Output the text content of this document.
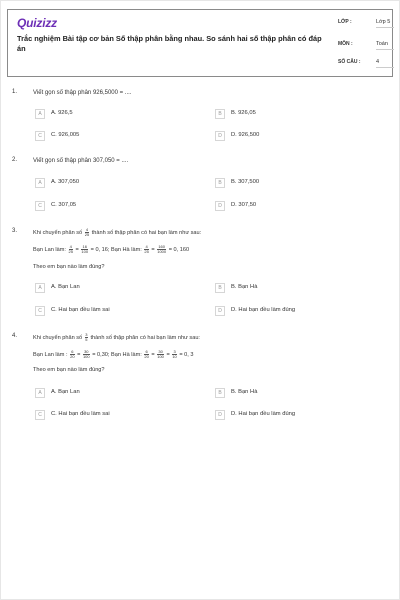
Quizizz
Trắc nghiệm Bài tập cơ bản Số thập phân bằng nhau. So sánh hai số thập phân có đáp án
LỚP :	Lớp 5
MÔN :	Toán
SỐ CÂU :	4
1.	Viết gọn số thập phân 926,5000 = ....
A	A. 926,5	B	B. 926,05
C	C. 926,005	D	D. 926,500
2.	Viết gọn số thập phân 307,050 = ....
A	A. 307,050	B	B. 307,500
C	C. 307,05	D	D. 307,50
3.	Khi chuyển phân số $\frac{4}{25}$ thành số thập phân có hai bạn làm như sau:
Bạn Lan làm: $\frac{4}{25} = \frac{16}{100} = 0$, 16; Bạn Hà làm: $\frac{4}{25} = \frac{160}{1000} = 0$, 160
Theo em bạn nào làm đúng?
A	A. Bạn Lan	B	B. Bạn Hà
C	C. Hai bạn đều làm sai	D	D. Hai bạn đều làm đúng
4.	Khi chuyển phân số $\frac{3}{5}$ thành số thập phân có hai bạn làm như sau:
Bạn Lan làm : $\frac{6}{20} = \frac{30}{100} = 0,30$; Bạn Hà làm: $\frac{6}{20} = \frac{30}{100} = \frac{3}{10} = 0$, 3
Theo em bạn nào làm đúng?
A	A. Bạn Lan	B	B. Bạn Hà
C	C. Hai bạn đều làm sai	D	D. Hai bạn đều làm đúng
